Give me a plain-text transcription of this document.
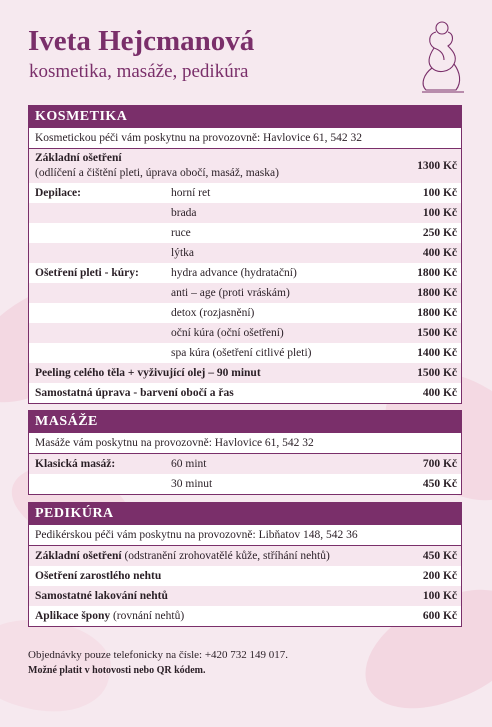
Iveta Hejcmanová
kosmetika, masáže, pedikúra
KOSMETIKA
Kosmetickou péči vám poskytnu na provozovně: Havlovice 61, 542 32
Základní ošetření
(odlíčení a čištění pleti, úprava obočí, masáž, maska)
1300 Kč
Depilace:	horní ret	100 Kč
brada	100 Kč
ruce	250 Kč
lýtka	400 Kč
Ošetření pleti - kúry:	hydra advance (hydratační)	1800 Kč
anti – age (proti vráskám)	1800 Kč
detox (rozjasnění)	1800 Kč
oční kúra (oční ošetření)	1500 Kč
spa kúra (ošetření citlivé pleti)	1400 Kč
Peeling celého těla + vyživující olej – 90 minut	1500 Kč
Samostatná úprava - barvení obočí a řas	400 Kč
MASÁŽE
Masáže vám poskytnu na provozovně: Havlovice 61, 542 32
Klasická masáž:	60 mint	700 Kč
30 minut	450 Kč
PEDIKÚRA
Pedikérskou péči vám poskytnu na provozovně: Libňatov 148, 542 36
Základní ošetření (odstranění zrohovatělé kůže, stříhání nehtů)	450 Kč
Ošetření zarostlého nehtu	200 Kč
Samostatné lakování nehtů	100 Kč
Aplikace špony (rovnání nehtů)	600 Kč
Objednávky pouze telefonicky na čísle: +420 732 149 017.
Možné platit v hotovosti nebo QR kódem.
